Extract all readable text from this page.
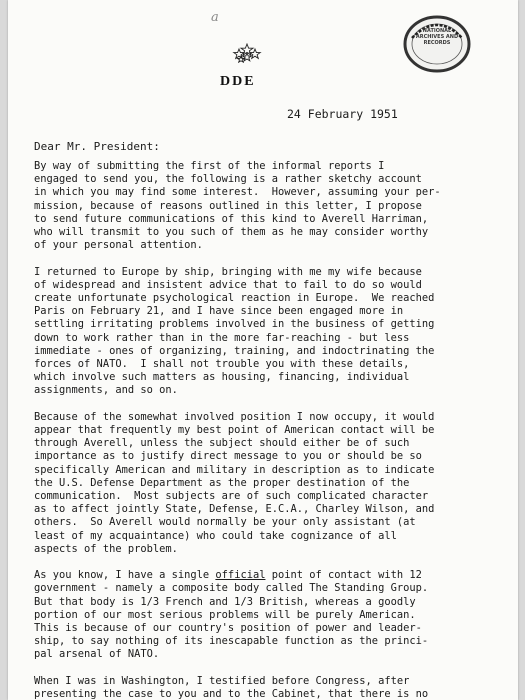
a
DDE
NATIONAL
ARCHIVES AND
RECORDS
24 February 1951
Dear Mr. President:
By way of submitting the first of the informal reports I
engaged to send you, the following is a rather sketchy account
in which you may find some interest.  However, assuming your per-
mission, because of reasons outlined in this letter, I propose
to send future communications of this kind to Averell Harriman,
who will transmit to you such of them as he may consider worthy
of your personal attention.
I returned to Europe by ship, bringing with me my wife because
of widespread and insistent advice that to fail to do so would
create unfortunate psychological reaction in Europe.  We reached
Paris on February 21, and I have since been engaged more in
settling irritating problems involved in the business of getting
down to work rather than in the more far-reaching - but less
immediate - ones of organizing, training, and indoctrinating the
forces of NATO.  I shall not trouble you with these details,
which involve such matters as housing, financing, individual
assignments, and so on.
Because of the somewhat involved position I now occupy, it would
appear that frequently my best point of American contact will be
through Averell, unless the subject should either be of such
importance as to justify direct message to you or should be so
specifically American and military in description as to indicate
the U.S. Defense Department as the proper destination of the
communication.  Most subjects are of such complicated character
as to affect jointly State, Defense, E.C.A., Charley Wilson, and
others.  So Averell would normally be your only assistant (at
least of my acquaintance) who could take cognizance of all
aspects of the problem.
As you know, I have a single official point of contact with 12
government - namely a composite body called The Standing Group.
But that body is 1/3 French and 1/3 British, whereas a goodly
portion of our most serious problems will be purely American.
This is because of our country's position of power and leader-
ship, to say nothing of its inescapable function as the princi-
pal arsenal of NATO.
When I was in Washington, I testified before Congress, after
presenting the case to you and to the Cabinet, that there is no
